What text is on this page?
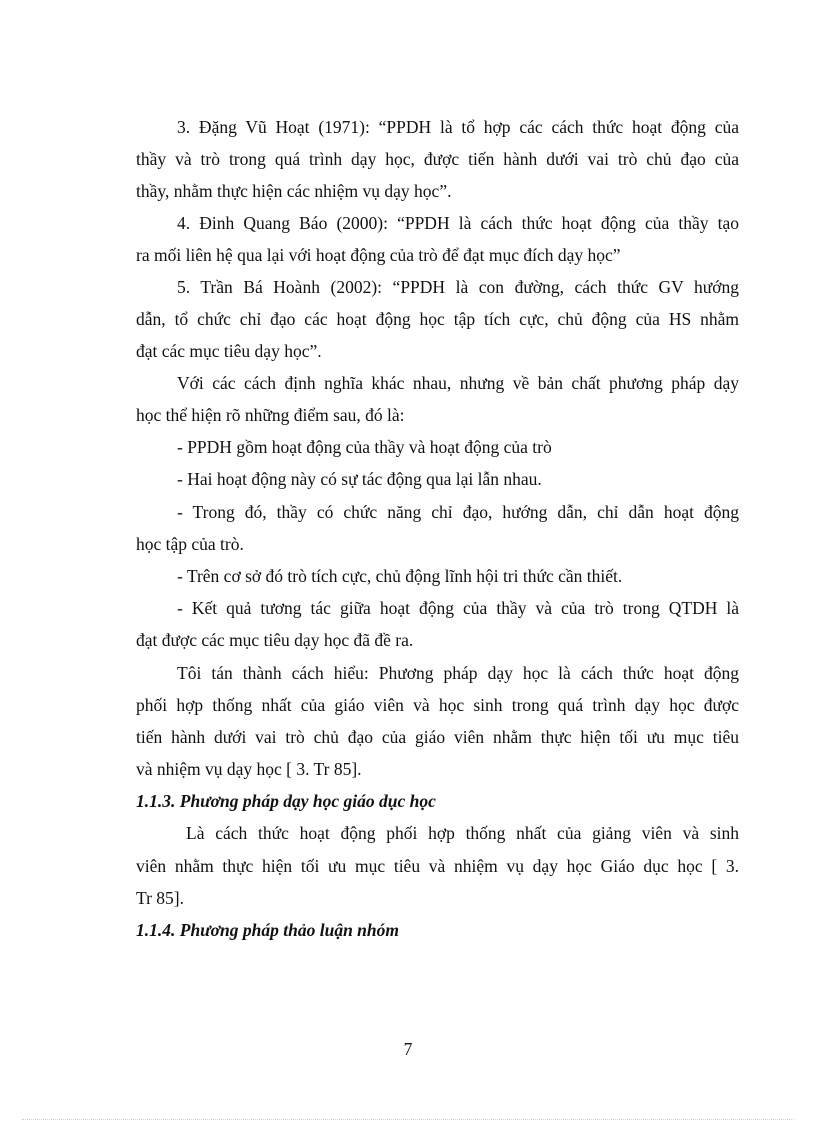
3. Đặng Vũ Hoạt (1971): “PPDH là tổ hợp các cách thức hoạt động của
thầy và trò trong quá trình dạy học, được tiến hành dưới vai trò chủ đạo của
thầy, nhằm thực hiện các nhiệm vụ dạy học”.
4. Đinh Quang Báo (2000): “PPDH là cách thức hoạt động của thầy tạo
ra mối liên hệ qua lại với hoạt động của trò để đạt mục đích dạy học”
5. Trần Bá Hoành (2002): “PPDH là con đường, cách thức GV hướng
dẫn, tổ chức chỉ đạo các hoạt động học tập tích cực, chủ động của HS nhằm
đạt các mục tiêu dạy học”.
Với các cách định nghĩa khác nhau, nhưng về bản chất phương pháp dạy
học thể hiện rõ những điểm sau, đó là:
- PPDH gồm hoạt động của thầy và hoạt động của trò
- Hai hoạt động này có sự tác động qua lại lẫn nhau.
- Trong đó, thầy có chức năng chỉ đạo, hướng dẫn, chỉ dẫn hoạt động
học tập của trò.
- Trên cơ sở đó trò tích cực, chủ động lĩnh hội tri thức cần thiết.
- Kết quả tương tác giữa hoạt động của thầy và của trò trong QTDH là
đạt được các mục tiêu dạy học đã đề ra.
Tôi tán thành cách hiểu: Phương pháp dạy học là cách thức hoạt động
phối hợp thống nhất của giáo viên và học sinh trong quá trình dạy học được
tiến hành dưới vai trò chủ đạo của giáo viên nhằm thực hiện tối ưu mục tiêu
và nhiệm vụ dạy học [ 3. Tr 85].
1.1.3. Phương pháp dạy học giáo dục học
Là cách thức hoạt động phối hợp thống nhất của giảng viên và sinh
viên nhằm thực hiện tối ưu mục tiêu và nhiệm vụ dạy học Giáo dục học [ 3.
Tr 85].
1.1.4. Phương pháp thảo luận nhóm
7
